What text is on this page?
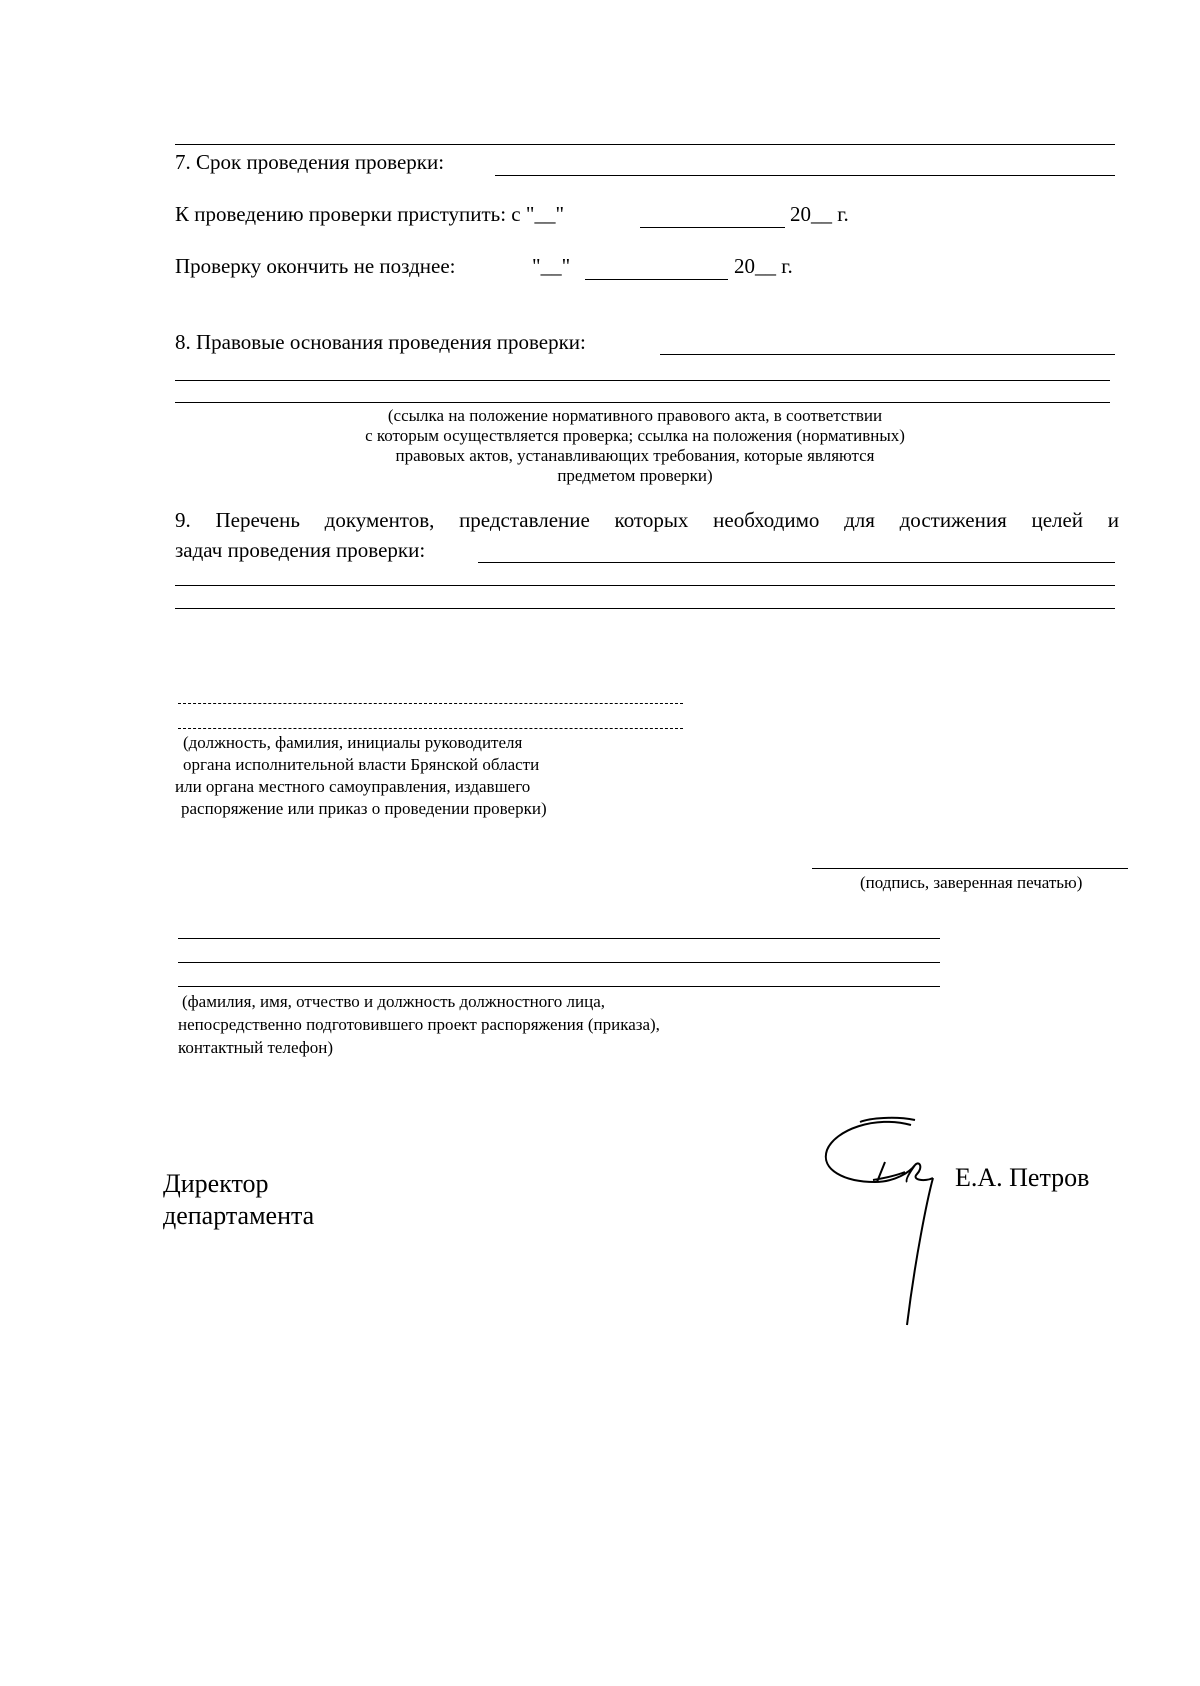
7. Срок проведения проверки:
К проведению проверки приступить: с "__"	20__ г.
Проверку окончить не позднее:	"__"	20__ г.
8. Правовые основания проведения проверки:
(ссылка на положение нормативного правового акта, в соответствии
с которым осуществляется проверка; ссылка на положения (нормативных)
правовых актов, устанавливающих требования, которые являются
предметом проверки)
9. Перечень документов, представление которых необходимо для достижения целей и
задач проведения проверки:
(должность, фамилия, инициалы руководителя
органа исполнительной власти Брянской области
или органа местного самоуправления, издавшего
распоряжение или приказ о проведении проверки)
(подпись, заверенная печатью)
(фамилия, имя, отчество и должность должностного лица,
непосредственно подготовившего проект распоряжения (приказа),
контактный телефон)
Директор
департамента
Е.А. Петров
